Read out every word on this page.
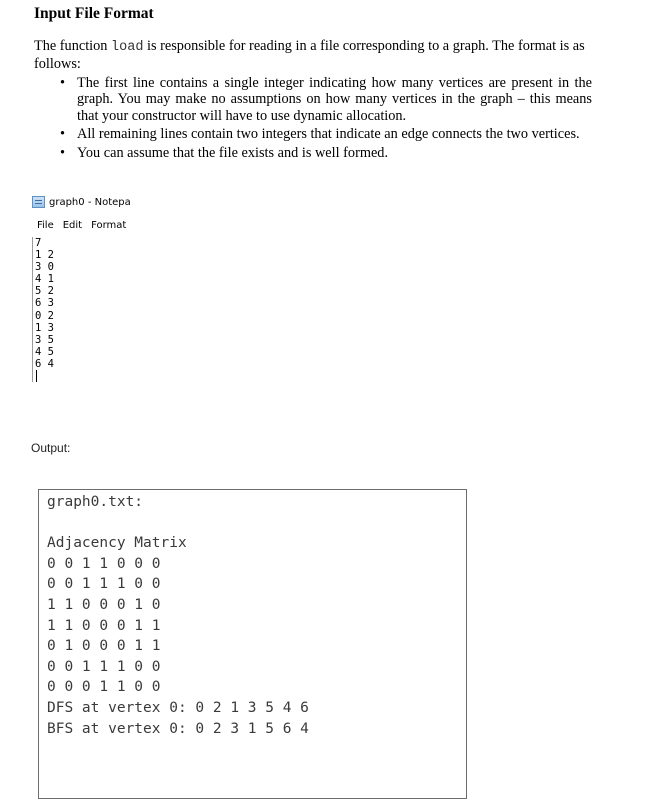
Input File Format

The function load is responsible for reading in a file corresponding to a graph. The format is as follows:

• The first line contains a single integer indicating how many vertices are present in the graph. You may make no assumptions on how many vertices in the graph – this means that your constructor will have to use dynamic allocation.
• All remaining lines contain two integers that indicate an edge connects the two vertices.
• You can assume that the file exists and is well formed.
graph0 - Notepa
File Edit Format
7
1 2
3 0
4 1
5 2
6 3
0 2
1 3
3 5
4 5
6 4
Output:
graph0.txt:
Adjacency Matrix
0 0 1 1 0 0 0
0 0 1 1 1 0 0
1 1 0 0 0 1 0
1 1 0 0 0 1 1
0 1 0 0 0 1 1
0 0 1 1 1 0 0
0 0 0 1 1 0 0
DFS at vertex 0: 0 2 1 3 5 4 6
BFS at vertex 0: 0 2 3 1 5 6 4
